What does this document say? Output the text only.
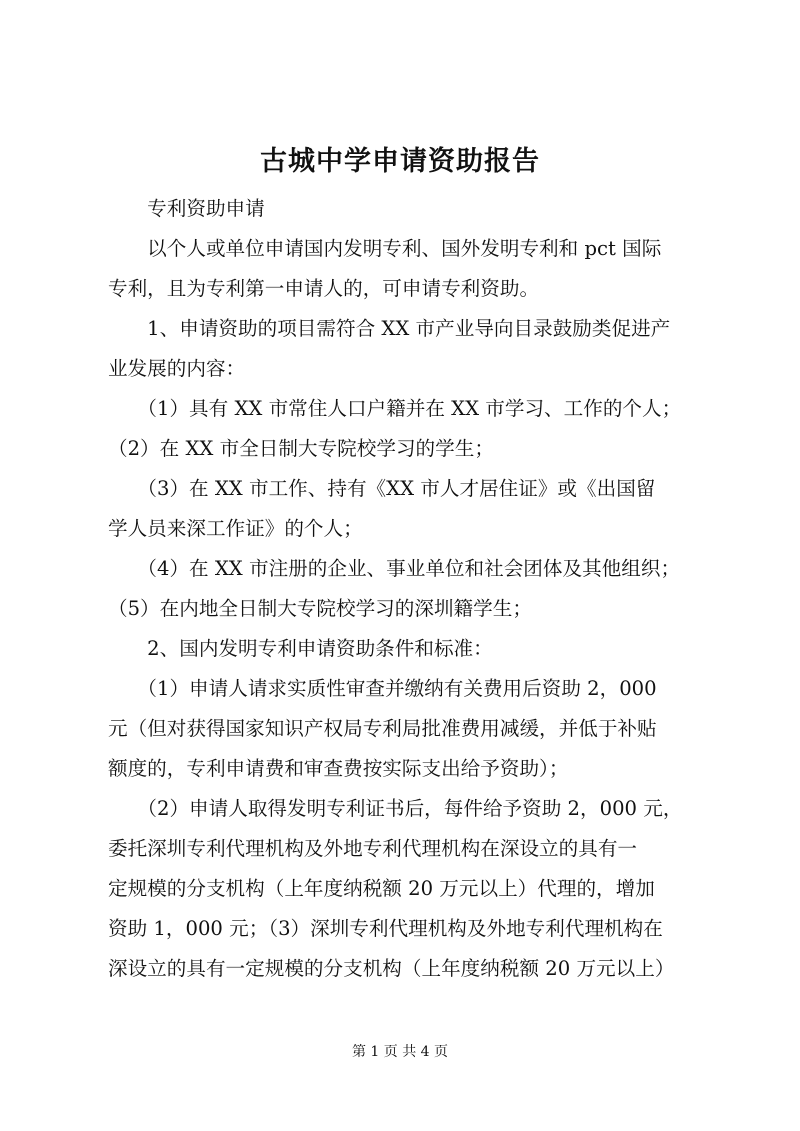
古城中学申请资助报告
　　专利资助申请
　　以个人或单位申请国内发明专利、国外发明专利和 pct 国际
专利，且为专利第一申请人的，可申请专利资助。
　　1、申请资助的项目需符合 XX 市产业导向目录鼓励类促进产
业发展的内容：
　　（1）具有 XX 市常住人口户籍并在 XX 市学习、工作的个人；
（2）在 XX 市全日制大专院校学习的学生；
　　（3）在 XX 市工作、持有《XX 市人才居住证》或《出国留
学人员来深工作证》的个人；
　　（4）在 XX 市注册的企业、事业单位和社会团体及其他组织；
（5）在内地全日制大专院校学习的深圳籍学生；
　　2、国内发明专利申请资助条件和标准：
　　（1）申请人请求实质性审查并缴纳有关费用后资助 2，000
元（但对获得国家知识产权局专利局批准费用减缓，并低于补贴
额度的，专利申请费和审查费按实际支出给予资助）；
　　（2）申请人取得发明专利证书后，每件给予资助 2，000 元，
委托深圳专利代理机构及外地专利代理机构在深设立的具有一
定规模的分支机构（上年度纳税额 20 万元以上）代理的，增加
资助 1，000 元；（3）深圳专利代理机构及外地专利代理机构在
深设立的具有一定规模的分支机构（上年度纳税额 20 万元以上）
第 1 页 共 4 页
